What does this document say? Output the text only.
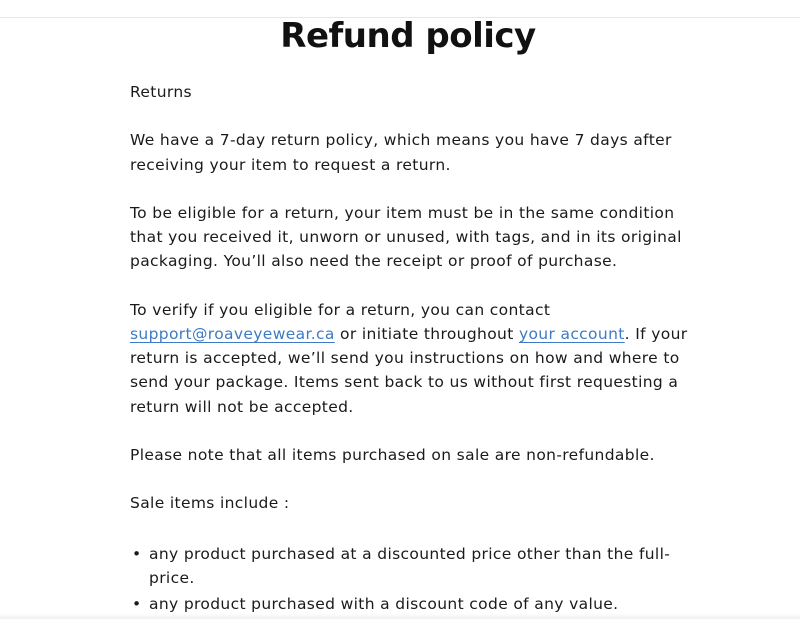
Refund policy

Returns

We have a 7-day return policy, which means you have 7 days after receiving your item to request a return.

To be eligible for a return, your item must be in the same condition that you received it, unworn or unused, with tags, and in its original packaging. You’ll also need the receipt or proof of purchase.

To verify if you eligible for a return, you can contact support@roaveyewear.ca or initiate throughout your account. If your return is accepted, we’ll send you instructions on how and where to send your package. Items sent back to us without first requesting a return will not be accepted.

Please note that all items purchased on sale are non-refundable.

Sale items include :

• any product purchased at a discounted price other than the full-price.
• any product purchased with a discount code of any value.
